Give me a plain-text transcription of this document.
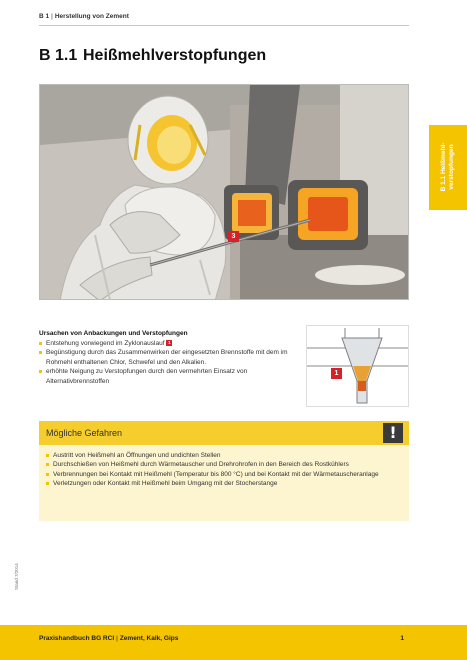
B 1 | Herstellung von Zement
B 1.1 Heißmehlverstopfungen
B 1.1 Heißmehl- verstopfungen
3
Ursachen von Anbackungen und Verstopfungen
Entstehung vorwiegend im Zyklonauslauf 1
Begünstigung durch das Zusammenwirken der eingesetzten Brennstoffe mit dem im Rohmehl enthaltenen Chlor, Schwefel und den Alkalien.
erhöhte Neigung zu Verstopfungen durch den vermehrten Einsatz von Alternativbrennstoffen
1
Mögliche Gefahren	!
Austritt von Heißmehl an Öffnungen und undichten Stellen
Durchschießen von Heißmehl durch Wärmetauscher und Drehrohrofen in den Bereich des Rostkühlers
Verbrennungen bei Kontakt mit Heißmehl (Temperatur bis 800 °C) und bei Kontakt mit der Wärmetauscheranlage
Verletzungen oder Kontakt mit Heißmehl beim Umgang mit der Stocherstange
Stand 7/2014
Praxishandbuch BG RCI | Zement, Kalk, Gips	1
